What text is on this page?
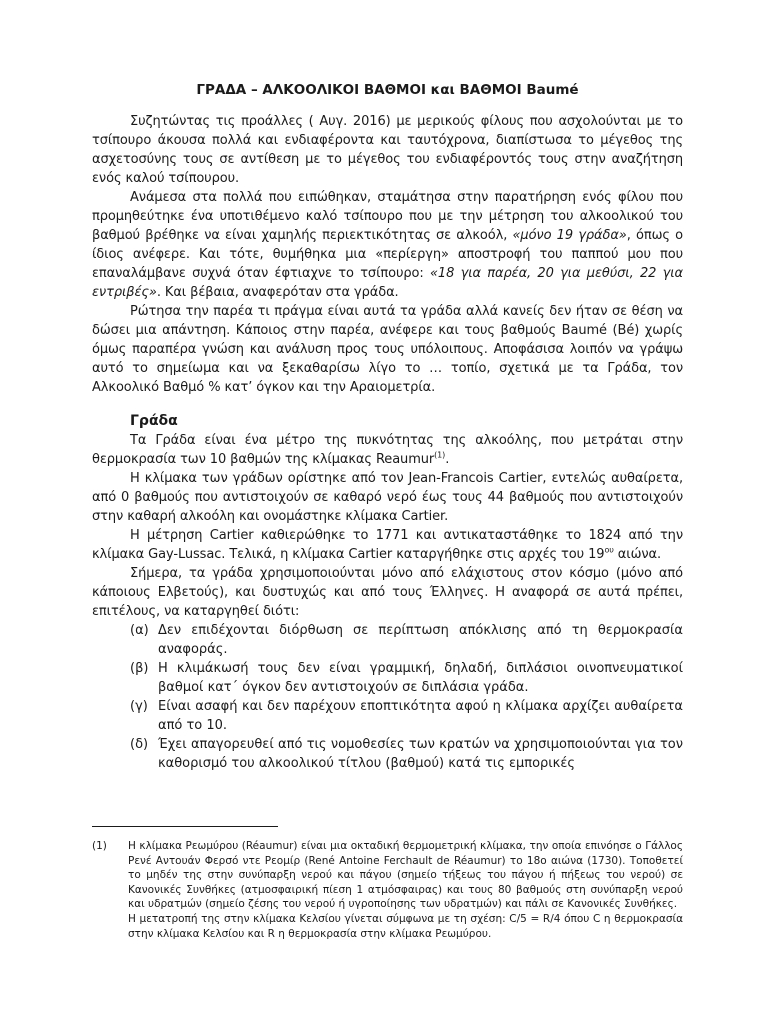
ΓΡΑΔΑ – ΑΛΚΟΟΛΙΚΟΙ ΒΑΘΜΟΙ και ΒΑΘΜΟΙ Baumé

Συζητώντας τις προάλλες ( Αυγ. 2016) με μερικούς φίλους που ασχολούνται με το τσίπουρο άκουσα πολλά και ενδιαφέροντα και ταυτόχρονα, διαπίστωσα το μέγεθος της ασχετοσύνης τους σε αντίθεση με το μέγεθος του ενδιαφέροντός τους στην αναζήτηση ενός καλού τσίπουρου.

Ανάμεσα στα πολλά που ειπώθηκαν, σταμάτησα στην παρατήρηση ενός φίλου που προμηθεύτηκε ένα υποτιθέμενο καλό τσίπουρο που με την μέτρηση του αλκοολικού του βαθμού βρέθηκε να είναι χαμηλής περιεκτικότητας σε αλκοόλ, «μόνο 19 γράδα», όπως ο ίδιος ανέφερε. Και τότε, θυμήθηκα μια «περίεργη» αποστροφή του παππού μου που επαναλάμβανε συχνά όταν έφτιαχνε το τσίπουρο: «18 για παρέα, 20 για μεθύσι, 22 για εντριβές». Και βέβαια, αναφερόταν στα γράδα.

Ρώτησα την παρέα τι πράγμα είναι αυτά τα γράδα αλλά κανείς δεν ήταν σε θέση να δώσει μια απάντηση. Κάποιος στην παρέα, ανέφερε και τους βαθμούς Baumé (Bé) χωρίς όμως παραπέρα γνώση και ανάλυση προς τους υπόλοιπους. Αποφάσισα λοιπόν να γράψω αυτό το σημείωμα και να ξεκαθαρίσω λίγο το … τοπίο, σχετικά με τα Γράδα, τον Αλκοολικό Βαθμό % κατ’ όγκον και την Αραιομετρία.

Γράδα

Τα Γράδα είναι ένα μέτρο της πυκνότητας της αλκοόλης, που μετράται στην θερμοκρασία των 10 βαθμών της κλίμακας Reaumur$^{(1)}$.

Η κλίμακα των γράδων ορίστηκε από τον Jean-Francois Cartier, εντελώς αυθαίρετα, από 0 βαθμούς που αντιστοιχούν σε καθαρό νερό έως τους 44 βαθμούς που αντιστοιχούν στην καθαρή αλκοόλη και ονομάστηκε κλίμακα Cartier.

Η μέτρηση Cartier καθιερώθηκε το 1771 και αντικαταστάθηκε το 1824 από την κλίμακα Gay-Lussac. Τελικά, η κλίμακα Cartier καταργήθηκε στις αρχές του $19^{o\upsilon}$ αιώνα.

Σήμερα, τα γράδα χρησιμοποιούνται μόνο από ελάχιστους στον κόσμο (μόνο από κάποιους Ελβετούς), και δυστυχώς και από τους Έλληνες. Η αναφορά σε αυτά πρέπει, επιτέλους, να καταργηθεί διότι:

(α) Δεν επιδέχονται διόρθωση σε περίπτωση απόκλισης από τη θερμοκρασία αναφοράς.
(β) Η κλιμάκωσή τους δεν είναι γραμμική, δηλαδή, διπλάσιοι οινοπνευματικοί βαθμοί κατ΄ όγκον δεν αντιστοιχούν σε διπλάσια γράδα.
(γ) Είναι ασαφή και δεν παρέχουν εποπτικότητα αφού η κλίμακα αρχίζει αυθαίρετα από το 10.
(δ) Έχει απαγορευθεί από τις νομοθεσίες των κρατών να χρησιμοποιούνται για τον καθορισμό του αλκοολικού τίτλου (βαθμού) κατά τις εμπορικές
(1)	Η κλίμακα Ρεωμύρου (Réaumur) είναι μια οκταδική θερμομετρική κλίμακα, την οποία επινόησε ο Γάλλος Ρενέ Αντουάν Φερσό ντε Ρεομίρ (René Antoine Ferchault de Réaumur) το 18ο αιώνα (1730). Τοποθετεί το μηδέν της στην συνύπαρξη νερού και πάγου (σημείο τήξεως του πάγου ή πήξεως του νερού) σε Κανονικές Συνθήκες (ατμοσφαιρική πίεση 1 ατμόσφαιρας) και τους 80 βαθμούς στη συνύπαρξη νερού και υδρατμών (σημείο ζέσης του νερού ή υγροποίησης των υδρατμών) και πάλι σε Κανονικές Συνθήκες.

Η μετατροπή της στην κλίμακα Κελσίου γίνεται σύμφωνα με τη σχέση: C/5 = R/4 όπου C η θερμοκρασία στην κλίμακα Κελσίου και R η θερμοκρασία στην κλίμακα Ρεωμύρου.
